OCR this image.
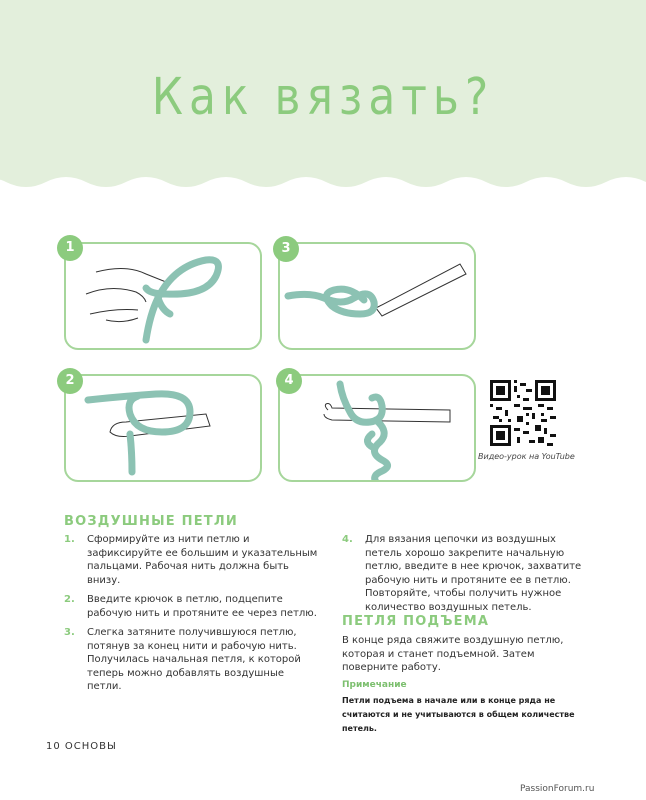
Как вязать?
1	3
2	4
Видео-урок на YouTube
ВОЗДУШНЫЕ ПЕТЛИ
1. Сформируйте из нити петлю и зафиксируйте ее большим и указательным пальцами. Рабочая нить должна быть внизу.
2. Введите крючок в петлю, подцепите рабочую нить и протяните ее через петлю.
3. Слегка затяните получившуюся петлю, потянув за конец нити и рабочую нить. Получилась начальная петля, к которой теперь можно добавлять воздушные петли.
4. Для вязания цепочки из воздушных петель хорошо закрепите начальную петлю, введите в нее крючок, захватите рабочую нить и протяните ее в петлю. Повторяйте, чтобы получить нужное количество воздушных петель.
ПЕТЛЯ ПОДЪЕМА
В конце ряда свяжите воздушную петлю, которая и станет подъемной. Затем поверните работу.
Примечание
Петли подъема в начале или в конце ряда не считаются и не учитываются в общем количестве петель.
10 ОСНОВЫ
PassionForum.ru
